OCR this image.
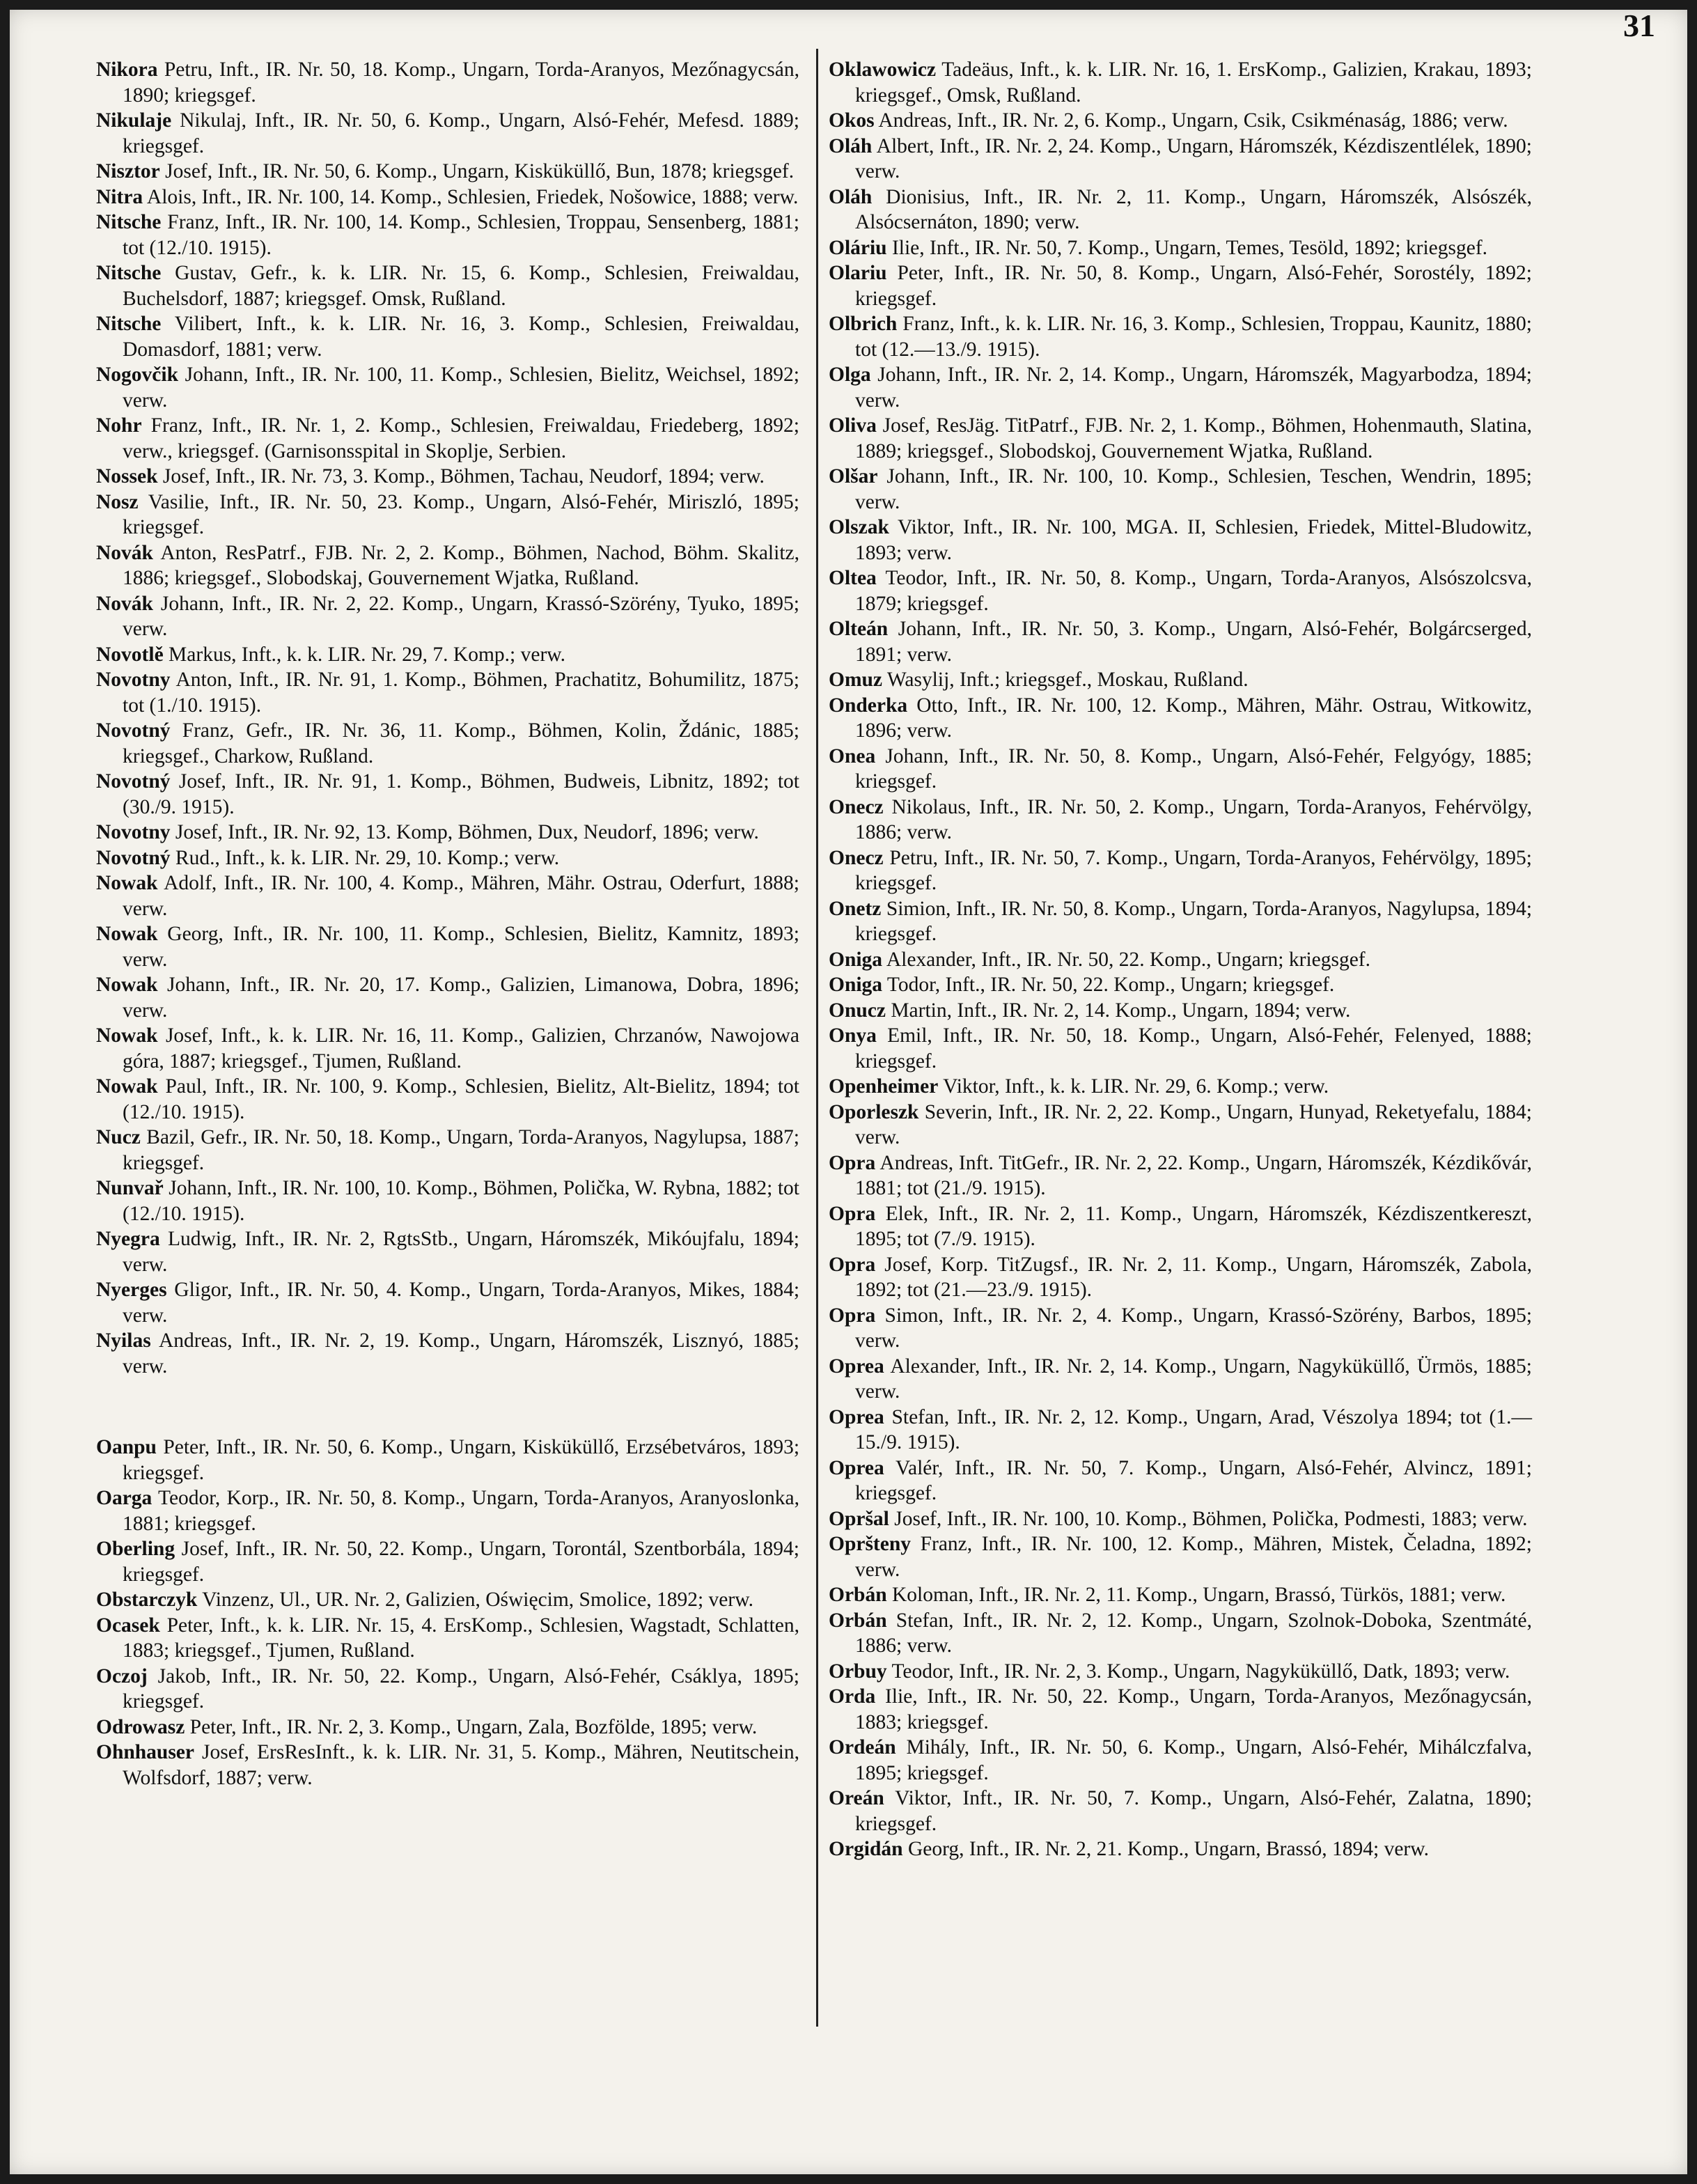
31
Nikora Petru, Inft., IR. Nr. 50, 18. Komp., Ungarn, Torda-Aranyos, Mezőnagycsán, 1890; kriegsgef.
Nikulaje Nikulaj, Inft., IR. Nr. 50, 6. Komp., Ungarn, Alsó-Fehér, Mefesd. 1889; kriegsgef.
Nisztor Josef, Inft., IR. Nr. 50, 6. Komp., Ungarn, Kisküküllő, Bun, 1878; kriegsgef.
Nitra Alois, Inft., IR. Nr. 100, 14. Komp., Schlesien, Friedek, Nošowice, 1888; verw.
Nitsche Franz, Inft., IR. Nr. 100, 14. Komp., Schlesien, Troppau, Sensenberg, 1881; tot (12./10. 1915).
Nitsche Gustav, Gefr., k. k. LIR. Nr. 15, 6. Komp., Schlesien, Freiwaldau, Buchelsdorf, 1887; kriegsgef. Omsk, Rußland.
Nitsche Vilibert, Inft., k. k. LIR. Nr. 16, 3. Komp., Schlesien, Freiwaldau, Domasdorf, 1881; verw.
Nogovčik Johann, Inft., IR. Nr. 100, 11. Komp., Schlesien, Bielitz, Weichsel, 1892; verw.
Nohr Franz, Inft., IR. Nr. 1, 2. Komp., Schlesien, Freiwaldau, Friedeberg, 1892; verw., kriegsgef. (Garnisonsspital in Skoplje, Serbien.
Nossek Josef, Inft., IR. Nr. 73, 3. Komp., Böhmen, Tachau, Neudorf, 1894; verw.
Nosz Vasilie, Inft., IR. Nr. 50, 23. Komp., Ungarn, Alsó-Fehér, Miriszló, 1895; kriegsgef.
Novák Anton, ResPatrf., FJB. Nr. 2, 2. Komp., Böhmen, Nachod, Böhm. Skalitz, 1886; kriegsgef., Slobodskaj, Gouvernement Wjatka, Rußland.
Novák Johann, Inft., IR. Nr. 2, 22. Komp., Ungarn, Krassó-Szörény, Tyuko, 1895; verw.
Novotlě Markus, Inft., k. k. LIR. Nr. 29, 7. Komp.; verw.
Novotny Anton, Inft., IR. Nr. 91, 1. Komp., Böhmen, Prachatitz, Bohumilitz, 1875; tot (1./10. 1915).
Novotný Franz, Gefr., IR. Nr. 36, 11. Komp., Böhmen, Kolin, Ždánic, 1885; kriegsgef., Charkow, Rußland.
Novotný Josef, Inft., IR. Nr. 91, 1. Komp., Böhmen, Budweis, Libnitz, 1892; tot (30./9. 1915).
Novotny Josef, Inft., IR. Nr. 92, 13. Komp, Böhmen, Dux, Neudorf, 1896; verw.
Novotný Rud., Inft., k. k. LIR. Nr. 29, 10. Komp.; verw.
Nowak Adolf, Inft., IR. Nr. 100, 4. Komp., Mähren, Mähr. Ostrau, Oderfurt, 1888; verw.
Nowak Georg, Inft., IR. Nr. 100, 11. Komp., Schlesien, Bielitz, Kamnitz, 1893; verw.
Nowak Johann, Inft., IR. Nr. 20, 17. Komp., Galizien, Limanowa, Dobra, 1896; verw.
Nowak Josef, Inft., k. k. LIR. Nr. 16, 11. Komp., Galizien, Chrzanów, Nawojowa góra, 1887; kriegsgef., Tjumen, Rußland.
Nowak Paul, Inft., IR. Nr. 100, 9. Komp., Schlesien, Bielitz, Alt-Bielitz, 1894; tot (12./10. 1915).
Nucz Bazil, Gefr., IR. Nr. 50, 18. Komp., Ungarn, Torda-Aranyos, Nagylupsa, 1887; kriegsgef.
Nunvař Johann, Inft., IR. Nr. 100, 10. Komp., Böhmen, Polička, W. Rybna, 1882; tot (12./10. 1915).
Nyegra Ludwig, Inft., IR. Nr. 2, RgtsStb., Ungarn, Háromszék, Mikóujfalu, 1894; verw.
Nyerges Gligor, Inft., IR. Nr. 50, 4. Komp., Ungarn, Torda-Aranyos, Mikes, 1884; verw.
Nyilas Andreas, Inft., IR. Nr. 2, 19. Komp., Ungarn, Háromszék, Lisznyó, 1885; verw.
Oanpu Peter, Inft., IR. Nr. 50, 6. Komp., Ungarn, Kisküküllő, Erzsébetváros, 1893; kriegsgef.
Oarga Teodor, Korp., IR. Nr. 50, 8. Komp., Ungarn, Torda-Aranyos, Aranyoslonka, 1881; kriegsgef.
Oberling Josef, Inft., IR. Nr. 50, 22. Komp., Ungarn, Torontál, Szentborbála, 1894; kriegsgef.
Obstarczyk Vinzenz, Ul., UR. Nr. 2, Galizien, Oświęcim, Smolice, 1892; verw.
Ocasek Peter, Inft., k. k. LIR. Nr. 15, 4. ErsKomp., Schlesien, Wagstadt, Schlatten, 1883; kriegsgef., Tjumen, Rußland.
Oczoj Jakob, Inft., IR. Nr. 50, 22. Komp., Ungarn, Alsó-Fehér, Csáklya, 1895; kriegsgef.
Odrowasz Peter, Inft., IR. Nr. 2, 3. Komp., Ungarn, Zala, Bozfölde, 1895; verw.
Ohnhauser Josef, ErsResInft., k. k. LIR. Nr. 31, 5. Komp., Mähren, Neutitschein, Wolfsdorf, 1887; verw.
Oklawowicz Tadeäus, Inft., k. k. LIR. Nr. 16, 1. ErsKomp., Galizien, Krakau, 1893; kriegsgef., Omsk, Rußland.
Okos Andreas, Inft., IR. Nr. 2, 6. Komp., Ungarn, Csik, Csikménaság, 1886; verw.
Oláh Albert, Inft., IR. Nr. 2, 24. Komp., Ungarn, Háromszék, Kézdiszentlélek, 1890; verw.
Oláh Dionisius, Inft., IR. Nr. 2, 11. Komp., Ungarn, Háromszék, Alsószék, Alsócsernáton, 1890; verw.
Oláriu Ilie, Inft., IR. Nr. 50, 7. Komp., Ungarn, Temes, Tesöld, 1892; kriegsgef.
Olariu Peter, Inft., IR. Nr. 50, 8. Komp., Ungarn, Alsó-Fehér, Sorostély, 1892; kriegsgef.
Olbrich Franz, Inft., k. k. LIR. Nr. 16, 3. Komp., Schlesien, Troppau, Kaunitz, 1880; tot (12.—13./9. 1915).
Olga Johann, Inft., IR. Nr. 2, 14. Komp., Ungarn, Háromszék, Magyarbodza, 1894; verw.
Oliva Josef, ResJäg. TitPatrf., FJB. Nr. 2, 1. Komp., Böhmen, Hohenmauth, Slatina, 1889; kriegsgef., Slobodskoj, Gouvernement Wjatka, Rußland.
Olšar Johann, Inft., IR. Nr. 100, 10. Komp., Schlesien, Teschen, Wendrin, 1895; verw.
Olszak Viktor, Inft., IR. Nr. 100, MGA. II, Schlesien, Friedek, Mittel-Bludowitz, 1893; verw.
Oltea Teodor, Inft., IR. Nr. 50, 8. Komp., Ungarn, Torda-Aranyos, Alsószolcsva, 1879; kriegsgef.
Olteán Johann, Inft., IR. Nr. 50, 3. Komp., Ungarn, Alsó-Fehér, Bolgárcserged, 1891; verw.
Omuz Wasylij, Inft.; kriegsgef., Moskau, Rußland.
Onderka Otto, Inft., IR. Nr. 100, 12. Komp., Mähren, Mähr. Ostrau, Witkowitz, 1896; verw.
Onea Johann, Inft., IR. Nr. 50, 8. Komp., Ungarn, Alsó-Fehér, Felgyógy, 1885; kriegsgef.
Onecz Nikolaus, Inft., IR. Nr. 50, 2. Komp., Ungarn, Torda-Aranyos, Fehérvölgy, 1886; verw.
Onecz Petru, Inft., IR. Nr. 50, 7. Komp., Ungarn, Torda-Aranyos, Fehérvölgy, 1895; kriegsgef.
Onetz Simion, Inft., IR. Nr. 50, 8. Komp., Ungarn, Torda-Aranyos, Nagylupsa, 1894; kriegsgef.
Oniga Alexander, Inft., IR. Nr. 50, 22. Komp., Ungarn; kriegsgef.
Oniga Todor, Inft., IR. Nr. 50, 22. Komp., Ungarn; kriegsgef.
Onucz Martin, Inft., IR. Nr. 2, 14. Komp., Ungarn, 1894; verw.
Onya Emil, Inft., IR. Nr. 50, 18. Komp., Ungarn, Alsó-Fehér, Felenyed, 1888; kriegsgef.
Openheimer Viktor, Inft., k. k. LIR. Nr. 29, 6. Komp.; verw.
Oporleszk Severin, Inft., IR. Nr. 2, 22. Komp., Ungarn, Hunyad, Reketyefalu, 1884; verw.
Opra Andreas, Inft. TitGefr., IR. Nr. 2, 22. Komp., Ungarn, Háromszék, Kézdikővár, 1881; tot (21./9. 1915).
Opra Elek, Inft., IR. Nr. 2, 11. Komp., Ungarn, Háromszék, Kézdiszentkereszt, 1895; tot (7./9. 1915).
Opra Josef, Korp. TitZugsf., IR. Nr. 2, 11. Komp., Ungarn, Háromszék, Zabola, 1892; tot (21.—23./9. 1915).
Opra Simon, Inft., IR. Nr. 2, 4. Komp., Ungarn, Krassó-Szörény, Barbos, 1895; verw.
Oprea Alexander, Inft., IR. Nr. 2, 14. Komp., Ungarn, Nagyküküllő, Ürmös, 1885; verw.
Oprea Stefan, Inft., IR. Nr. 2, 12. Komp., Ungarn, Arad, Vészolya 1894; tot (1.—15./9. 1915).
Oprea Valér, Inft., IR. Nr. 50, 7. Komp., Ungarn, Alsó-Fehér, Alvincz, 1891; kriegsgef.
Opršal Josef, Inft., IR. Nr. 100, 10. Komp., Böhmen, Polička, Podmesti, 1883; verw.
Opršteny Franz, Inft., IR. Nr. 100, 12. Komp., Mähren, Mistek, Čeladna, 1892; verw.
Orbán Koloman, Inft., IR. Nr. 2, 11. Komp., Ungarn, Brassó, Türkös, 1881; verw.
Orbán Stefan, Inft., IR. Nr. 2, 12. Komp., Ungarn, Szolnok-Doboka, Szentmáté, 1886; verw.
Orbuy Teodor, Inft., IR. Nr. 2, 3. Komp., Ungarn, Nagyküküllő, Datk, 1893; verw.
Orda Ilie, Inft., IR. Nr. 50, 22. Komp., Ungarn, Torda-Aranyos, Mezőnagycsán, 1883; kriegsgef.
Ordeán Mihály, Inft., IR. Nr. 50, 6. Komp., Ungarn, Alsó-Fehér, Mihálczfalva, 1895; kriegsgef.
Oreán Viktor, Inft., IR. Nr. 50, 7. Komp., Ungarn, Alsó-Fehér, Zalatna, 1890; kriegsgef.
Orgidán Georg, Inft., IR. Nr. 2, 21. Komp., Ungarn, Brassó, 1894; verw.
